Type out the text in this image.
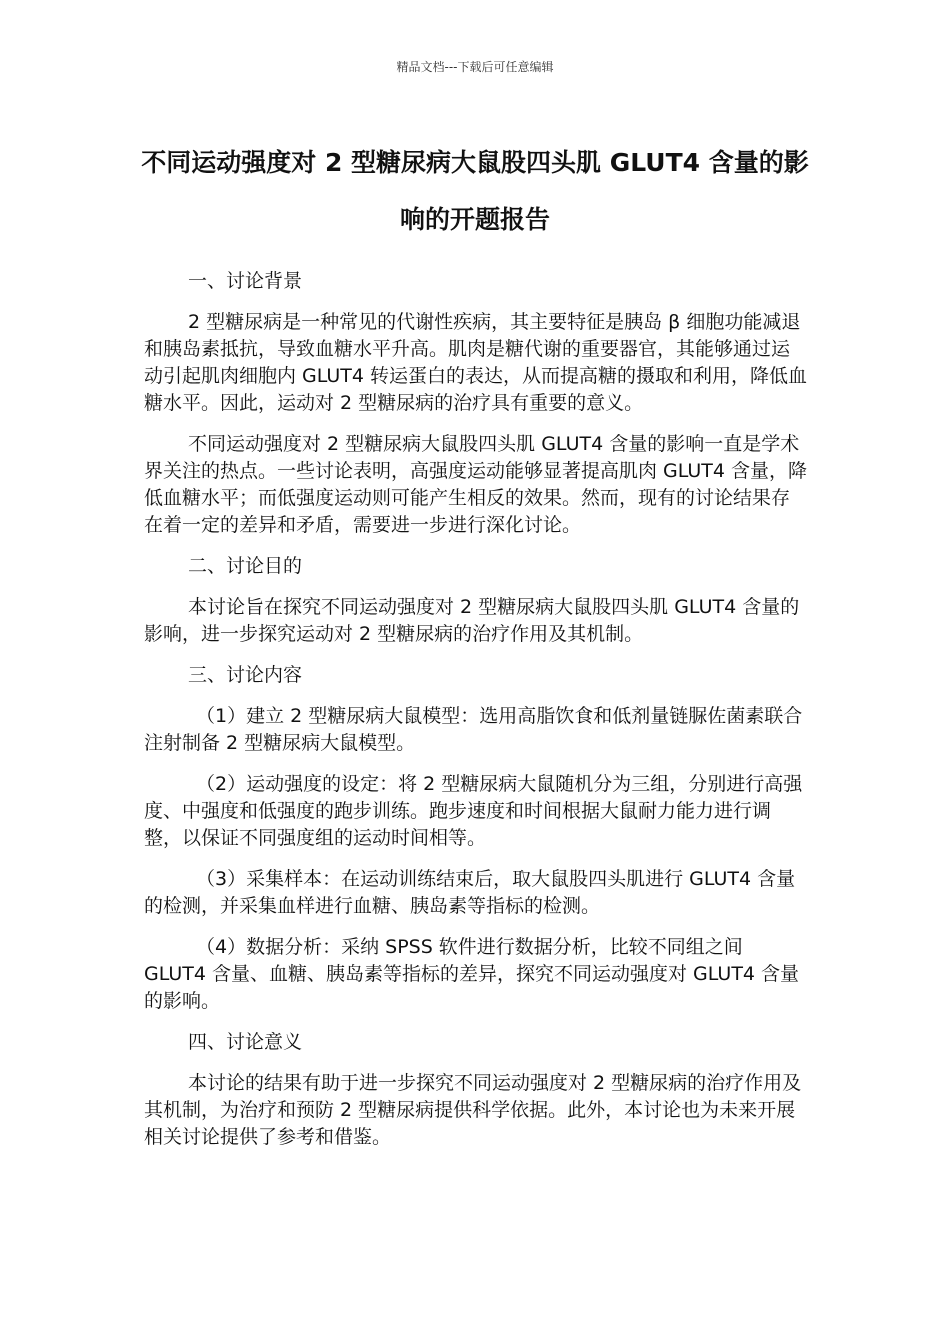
精品文档---下载后可任意编辑
不同运动强度对 2 型糖尿病大鼠股四头肌 GLUT4 含量的影响的开题报告

一、讨论背景

2 型糖尿病是一种常见的代谢性疾病，其主要特征是胰岛 β 细胞功能减退和胰岛素抵抗，导致血糖水平升高。肌肉是糖代谢的重要器官，其能够通过运动引起肌肉细胞内 GLUT4 转运蛋白的表达，从而提高糖的摄取和利用，降低血糖水平。因此，运动对 2 型糖尿病的治疗具有重要的意义。

不同运动强度对 2 型糖尿病大鼠股四头肌 GLUT4 含量的影响一直是学术界关注的热点。一些讨论表明，高强度运动能够显著提高肌肉 GLUT4 含量，降低血糖水平；而低强度运动则可能产生相反的效果。然而，现有的讨论结果存在着一定的差异和矛盾，需要进一步进行深化讨论。

二、讨论目的

本讨论旨在探究不同运动强度对 2 型糖尿病大鼠股四头肌 GLUT4 含量的影响，进一步探究运动对 2 型糖尿病的治疗作用及其机制。

三、讨论内容

（1）建立 2 型糖尿病大鼠模型：选用高脂饮食和低剂量链脲佐菌素联合注射制备 2 型糖尿病大鼠模型。

（2）运动强度的设定：将 2 型糖尿病大鼠随机分为三组，分别进行高强度、中强度和低强度的跑步训练。跑步速度和时间根据大鼠耐力能力进行调整，以保证不同强度组的运动时间相等。

（3）采集样本：在运动训练结束后，取大鼠股四头肌进行 GLUT4 含量的检测，并采集血样进行血糖、胰岛素等指标的检测。

（4）数据分析：采纳 SPSS 软件进行数据分析，比较不同组之间 GLUT4 含量、血糖、胰岛素等指标的差异，探究不同运动强度对 GLUT4 含量的影响。

四、讨论意义

本讨论的结果有助于进一步探究不同运动强度对 2 型糖尿病的治疗作用及其机制，为治疗和预防 2 型糖尿病提供科学依据。此外，本讨论也为未来开展相关讨论提供了参考和借鉴。
